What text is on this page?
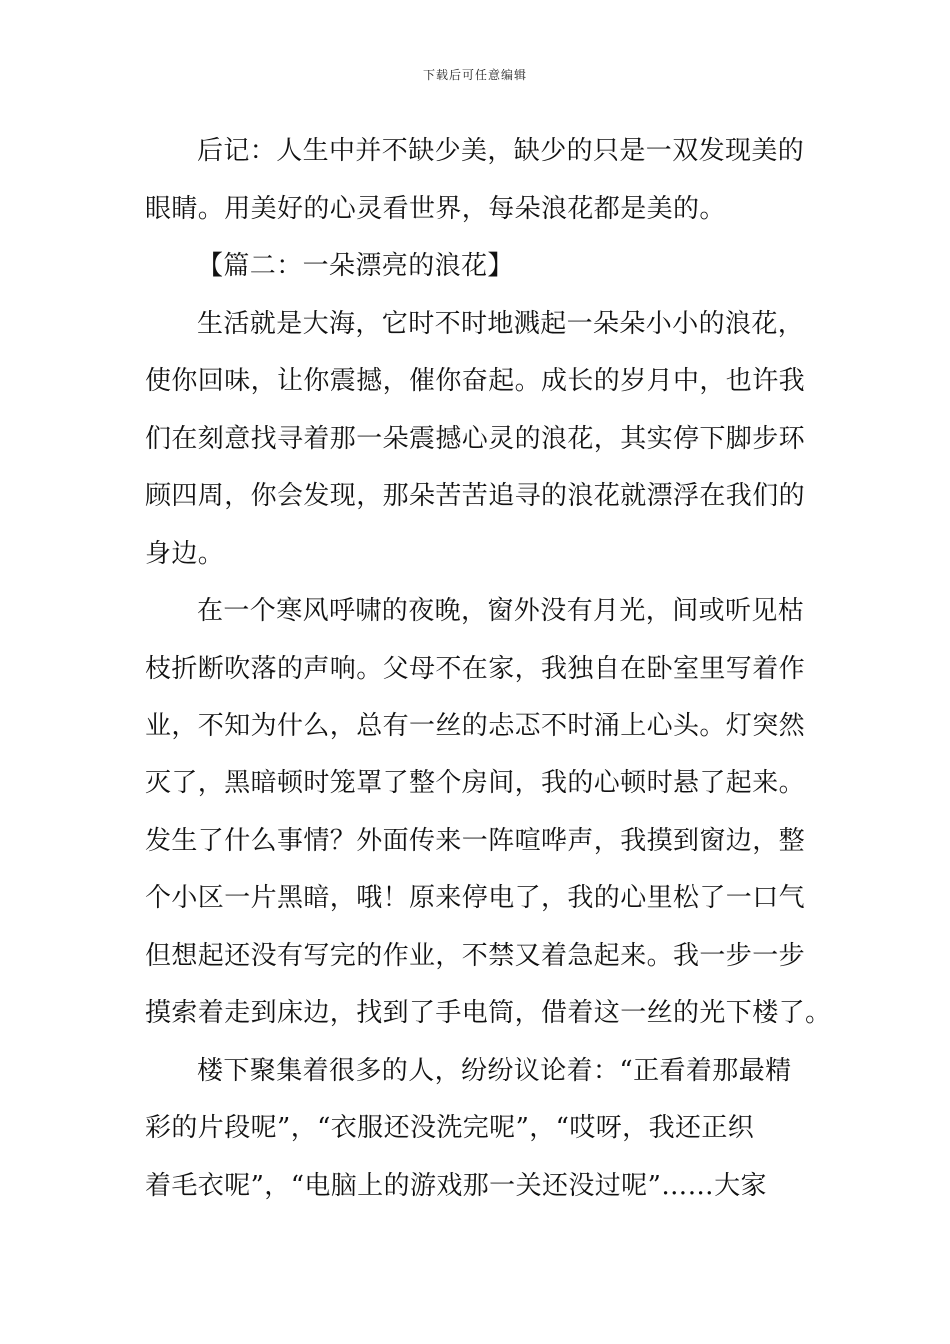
下载后可任意编辑
后记：人生中并不缺少美，缺少的只是一双发现美的
眼睛。用美好的心灵看世界，每朵浪花都是美的。
【篇二：一朵漂亮的浪花】
生活就是大海，它时不时地溅起一朵朵小小的浪花，
使你回味，让你震撼，催你奋起。成长的岁月中，也许我
们在刻意找寻着那一朵震撼心灵的浪花，其实停下脚步环
顾四周，你会发现，那朵苦苦追寻的浪花就漂浮在我们的
身边。
在一个寒风呼啸的夜晚，窗外没有月光，间或听见枯
枝折断吹落的声响。父母不在家，我独自在卧室里写着作
业，不知为什么，总有一丝的忐忑不时涌上心头。灯突然
灭了，黑暗顿时笼罩了整个房间，我的心顿时悬了起来。
发生了什么事情？外面传来一阵喧哗声，我摸到窗边，整
个小区一片黑暗，哦！原来停电了，我的心里松了一口气
但想起还没有写完的作业，不禁又着急起来。我一步一步
摸索着走到床边，找到了手电筒，借着这一丝的光下楼了。
楼下聚集着很多的人，纷纷议论着：“正看着那最精
彩的片段呢”，“衣服还没洗完呢”，“哎呀，我还正织
着毛衣呢”，“电脑上的游戏那一关还没过呢”……大家
